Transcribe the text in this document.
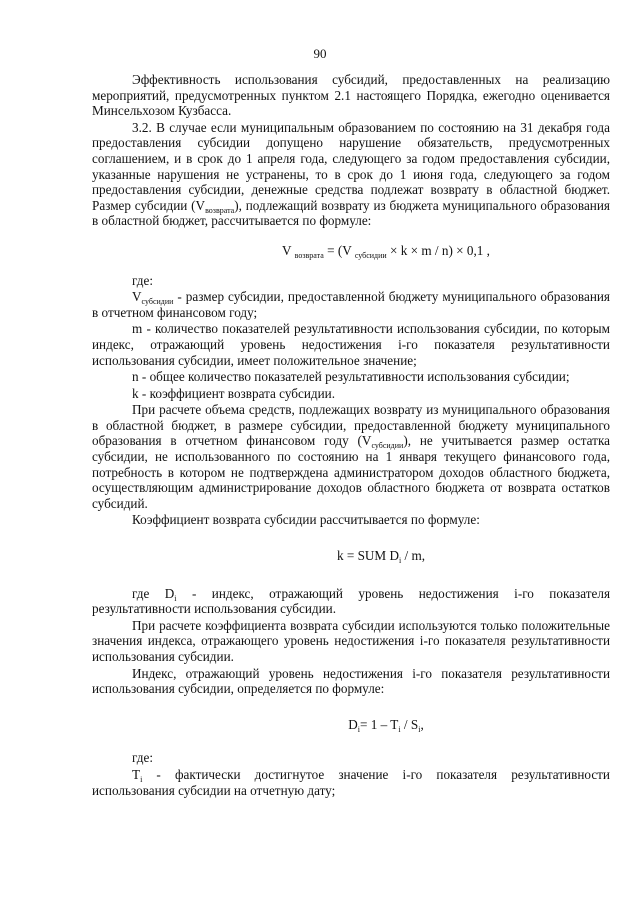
90

Эффективность использования субсидий, предоставленных на реализацию мероприятий, предусмотренных пунктом 2.1 настоящего Порядка, ежегодно оценивается Минсельхозом Кузбасса.

3.2. В случае если муниципальным образованием по состоянию на 31 декабря года предоставления субсидии допущено нарушение обязательств, предусмотренных соглашением, и в срок до 1 апреля года, следующего за годом предоставления субсидии, указанные нарушения не устранены, то в срок до 1 июня года, следующего за годом предоставления субсидии, денежные средства подлежат возврату в областной бюджет. Размер субсидии $(V_{возврата})$, подлежащий возврату из бюджета муниципального образования в областной бюджет, рассчитывается по формуле:

V $_{возврата}$ = (V $_{субсидии}$ × k × m / n) × 0,1 ,

где:

$V_{субсидии}$ - размер субсидии, предоставленной бюджету муниципального образования в отчетном финансовом году;

m - количество показателей результативности использования субсидии, по которым индекс, отражающий уровень недостижения i-го показателя результативности использования субсидии, имеет положительное значение;

n - общее количество показателей результативности использования субсидии;

k - коэффициент возврата субсидии.

При расчете объема средств, подлежащих возврату из муниципального образования в областной бюджет, в размере субсидии, предоставленной бюджету муниципального образования в отчетном финансовом году $(V_{субсидии})$, не учитывается размер остатка субсидии, не использованного по состоянию на 1 января текущего финансового года, потребность в котором не подтверждена администратором доходов областного бюджета, осуществляющим администрирование доходов областного бюджета от возврата остатков субсидий.

Коэффициент возврата субсидии рассчитывается по формуле:

k = SUM $D_i$ / m,

где $D_i$ - индекс, отражающий уровень недостижения i-го показателя результативности использования субсидии.

При расчете коэффициента возврата субсидии используются только положительные значения индекса, отражающего уровень недостижения i-го показателя результативности использования субсидии.

Индекс, отражающий уровень недостижения i-го показателя результативности использования субсидии, определяется по формуле:

$D_i= 1 - T_i / S_i$,

где:

$T_i$ - фактически достигнутое значение i-го показателя результативности использования субсидии на отчетную дату;
